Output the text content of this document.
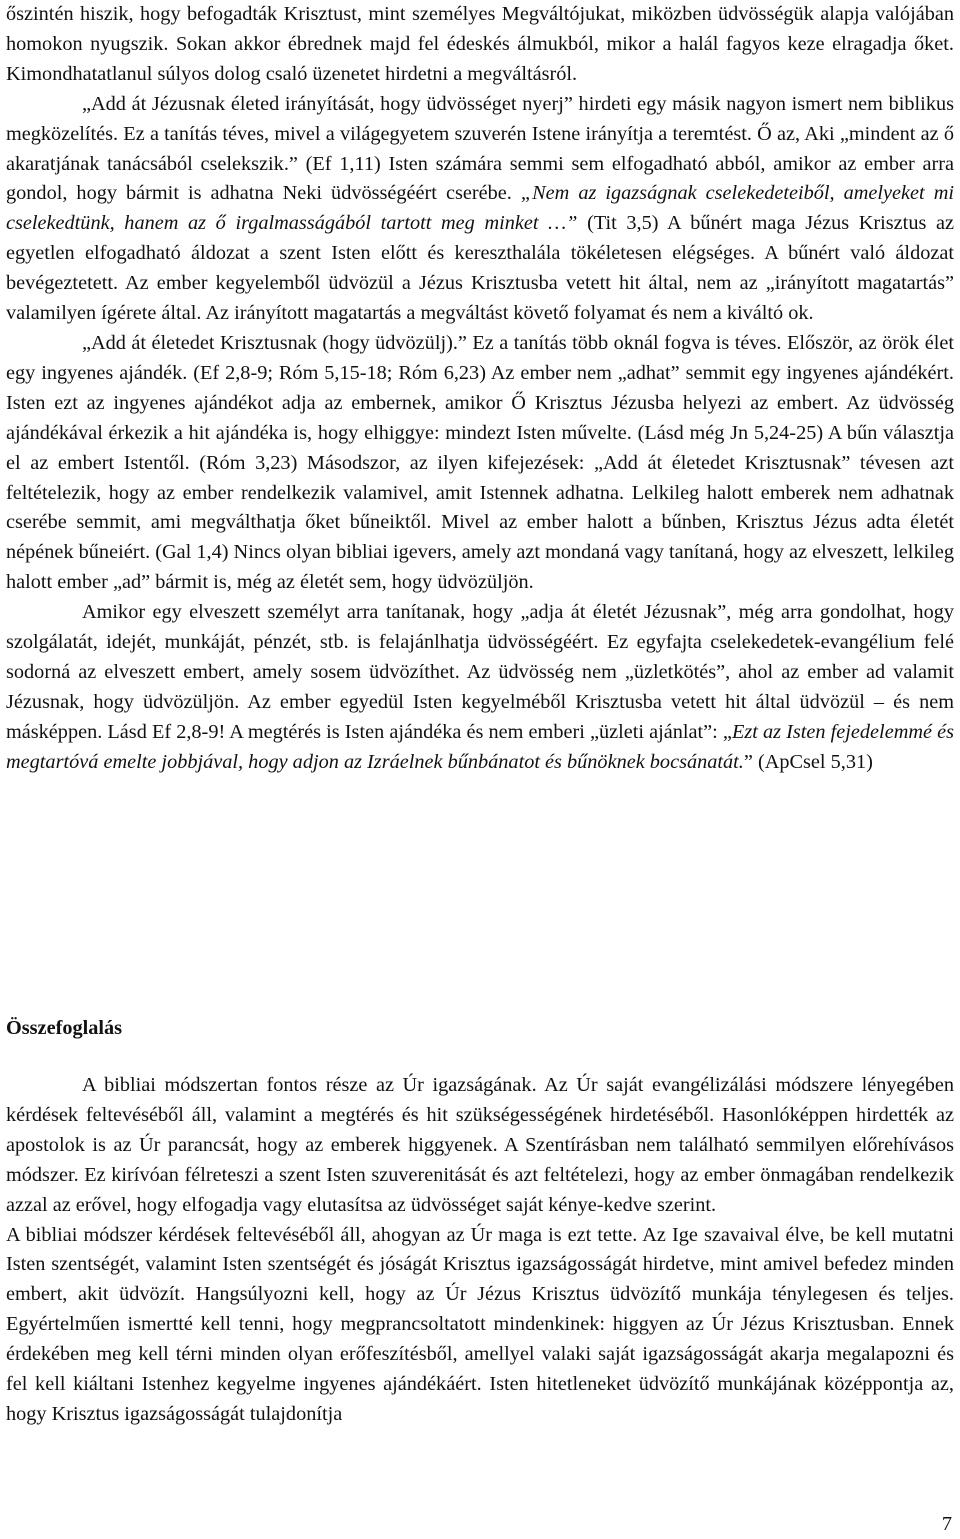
őszintén hiszik, hogy befogadták Krisztust, mint személyes Megváltójukat, miközben üdvösségük alapja valójában homokon nyugszik. Sokan akkor ébrednek majd fel édeskés álmukból, mikor a halál fagyos keze elragadja őket. Kimondhatatlanul súlyos dolog csaló üzenetet hirdetni a megváltásról.

„Add át Jézusnak életed irányítását, hogy üdvösséget nyerj” hirdeti egy másik nagyon ismert nem biblikus megközelítés. Ez a tanítás téves, mivel a világegyetem szuverén Istene irányítja a teremtést. Ő az, Aki „mindent az ő akaratjának tanácsából cselekszik.” (Ef 1,11) Isten számára semmi sem elfogadható abból, amikor az ember arra gondol, hogy bármit is adhatna Neki üdvösségéért cserébe. „Nem az igazságnak cselekedeteiből, amelyeket mi cselekedtünk, hanem az ő irgalmasságából tartott meg minket …” (Tit 3,5) A bűnért maga Jézus Krisztus az egyetlen elfogadható áldozat a szent Isten előtt és kereszthalála tökéletesen elégséges. A bűnért való áldozat bevégeztetett. Az ember kegyelemből üdvözül a Jézus Krisztusba vetett hit által, nem az „irányított magatartás” valamilyen ígérete által. Az irányított magatartás a megváltást követő folyamat és nem a kiváltó ok.

„Add át életedet Krisztusnak (hogy üdvözülj).” Ez a tanítás több oknál fogva is téves. Először, az örök élet egy ingyenes ajándék. (Ef 2,8-9; Róm 5,15-18; Róm 6,23) Az ember nem „adhat” semmit egy ingyenes ajándékért. Isten ezt az ingyenes ajándékot adja az embernek, amikor Ő Krisztus Jézusba helyezi az embert. Az üdvösség ajándékával érkezik a hit ajándéka is, hogy elhiggye: mindezt Isten művelte. (Lásd még Jn 5,24-25) A bűn választja el az embert Istentől. (Róm 3,23) Másodszor, az ilyen kifejezések: „Add át életedet Krisztusnak” tévesen azt feltételezik, hogy az ember rendelkezik valamivel, amit Istennek adhatna. Lelkileg halott emberek nem adhatnak cserébe semmit, ami megválthatja őket bűneiktől. Mivel az ember halott a bűnben, Krisztus Jézus adta életét népének bűneiért. (Gal 1,4) Nincs olyan bibliai igevers, amely azt mondaná vagy tanítaná, hogy az elveszett, lelkileg halott ember „ad” bármit is, még az életét sem, hogy üdvözüljön.

Amikor egy elveszett személyt arra tanítanak, hogy „adja át életét Jézusnak”, még arra gondolhat, hogy szolgálatát, idejét, munkáját, pénzét, stb. is felajánlhatja üdvösségéért. Ez egyfajta cselekedetek-evangélium felé sodorná az elveszett embert, amely sosem üdvözíthet. Az üdvösség nem „üzletkötés”, ahol az ember ad valamit Jézusnak, hogy üdvözüljön. Az ember egyedül Isten kegyelméből Krisztusba vetett hit által üdvözül – és nem másképpen. Lásd Ef 2,8-9! A megtérés is Isten ajándéka és nem emberi „üzleti ajánlat”: „Ezt az Isten fejedelemmé és megtartóvá emelte jobbjával, hogy adjon az Izráelnek bűnbánatot és bűnöknek bocsánatát.” (ApCsel 5,31)

Összefoglalás

A bibliai módszertan fontos része az Úr igazságának. Az Úr saját evangélizálási módszere lényegében kérdések feltevéséből áll, valamint a megtérés és hit szükségességének hirdetéséből. Hasonlóképpen hirdették az apostolok is az Úr parancsát, hogy az emberek higgyenek. A Szentírásban nem található semmilyen előrehívásos módszer. Ez kirívóan félreteszi a szent Isten szuverenitását és azt feltételezi, hogy az ember önmagában rendelkezik azzal az erővel, hogy elfogadja vagy elutasítsa az üdvösséget saját kénye-kedve szerint.

A bibliai módszer kérdések feltevéséből áll, ahogyan az Úr maga is ezt tette. Az Ige szavaival élve, be kell mutatni Isten szentségét, valamint Isten szentségét és jóságát Krisztus igazságosságát hirdetve, mint amivel befedez minden embert, akit üdvözít. Hangsúlyozni kell, hogy az Úr Jézus Krisztus üdvözítő munkája ténylegesen és teljes. Egyértelműen ismertté kell tenni, hogy megprancsoltatott mindenkinek: higgyen az Úr Jézus Krisztusban. Ennek érdekében meg kell térni minden olyan erőfeszítésből, amellyel valaki saját igazságosságát akarja megalapozni és fel kell kiáltani Istenhez kegyelme ingyenes ajándékáért. Isten hitetleneket üdvözítő munkájának középpontja az, hogy Krisztus igazságosságát tulajdonítja

7
